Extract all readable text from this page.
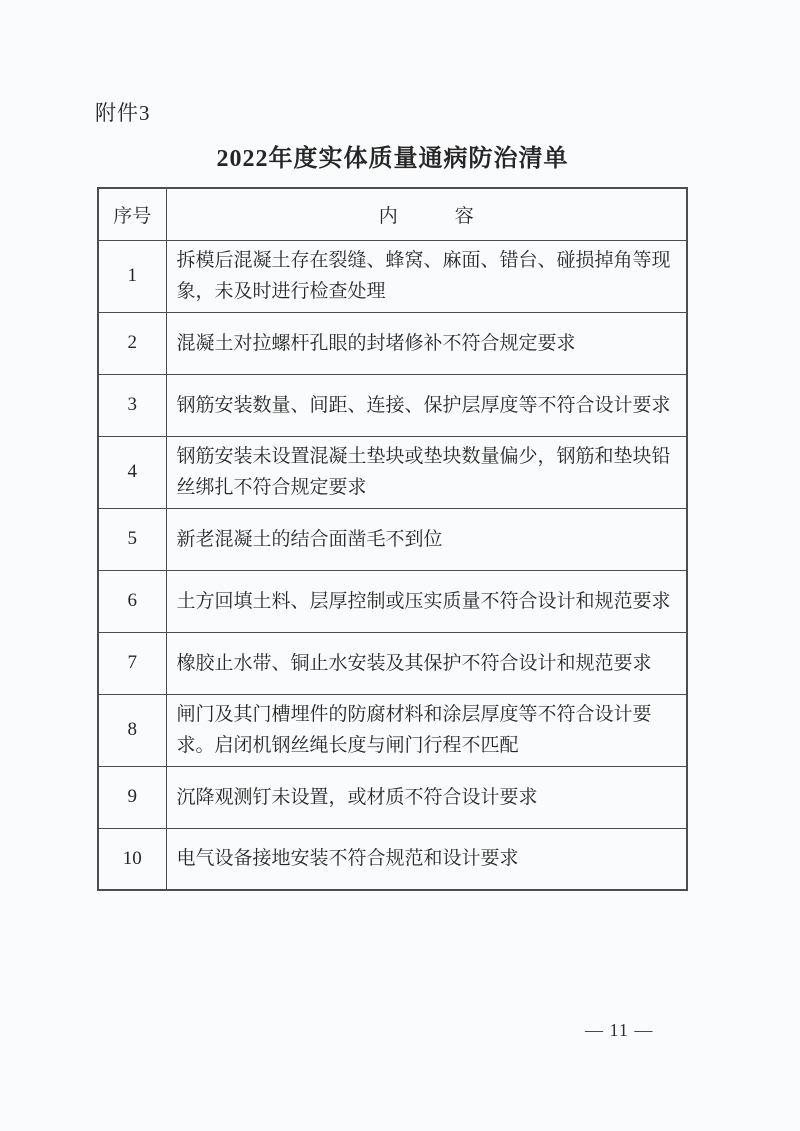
附件3
2022年度实体质量通病防治清单
序号	内　　　容
1	拆模后混凝土存在裂缝、蜂窝、麻面、错台、碰损掉角等现象，未及时进行检查处理
2	混凝土对拉螺杆孔眼的封堵修补不符合规定要求
3	钢筋安装数量、间距、连接、保护层厚度等不符合设计要求
4	钢筋安装未设置混凝土垫块或垫块数量偏少，钢筋和垫块铅丝绑扎不符合规定要求
5	新老混凝土的结合面凿毛不到位
6	土方回填土料、层厚控制或压实质量不符合设计和规范要求
7	橡胶止水带、铜止水安装及其保护不符合设计和规范要求
8	闸门及其门槽埋件的防腐材料和涂层厚度等不符合设计要求。启闭机钢丝绳长度与闸门行程不匹配
9	沉降观测钉未设置，或材质不符合设计要求
10	电气设备接地安装不符合规范和设计要求
— 11 —
